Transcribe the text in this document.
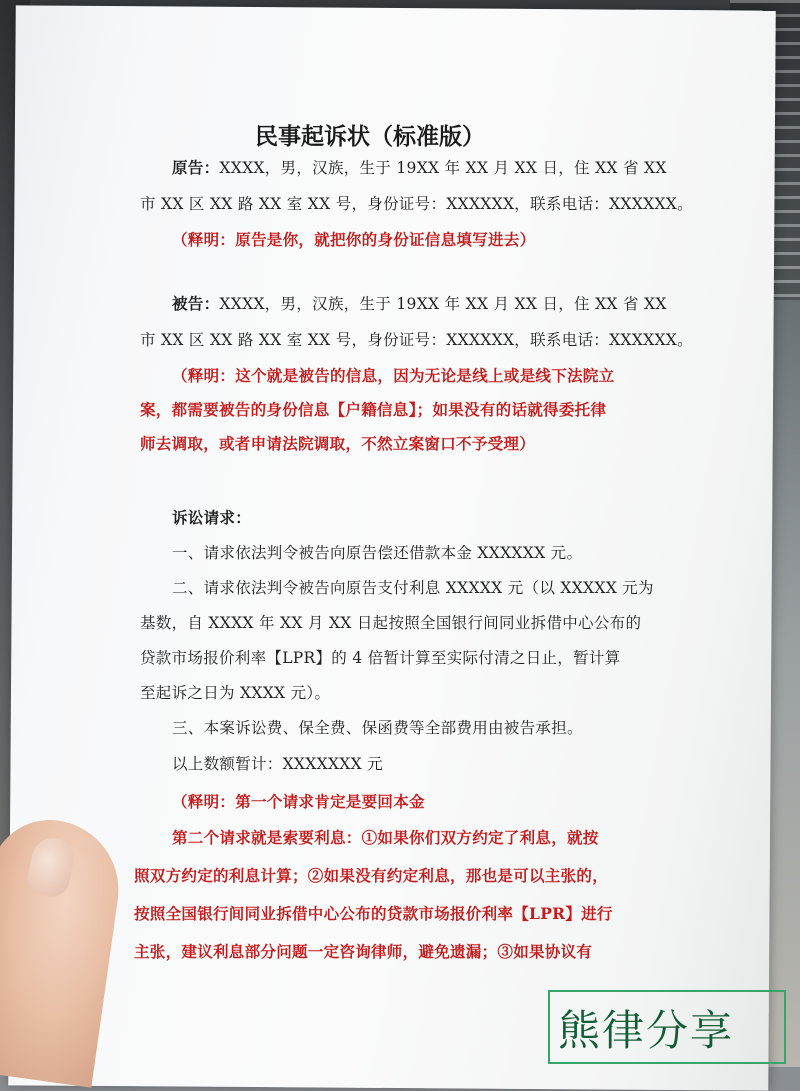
民事起诉状（标准版）
原告：XXXX，男，汉族，生于 19XX 年 XX 月 XX 日，住 XX 省 XX
市 XX 区 XX 路 XX 室 XX 号，身份证号：XXXXXX，联系电话：XXXXXX。
（释明：原告是你，就把你的身份证信息填写进去）
被告：XXXX，男，汉族，生于 19XX 年 XX 月 XX 日，住 XX 省 XX
市 XX 区 XX 路 XX 室 XX 号，身份证号：XXXXXX，联系电话：XXXXXX。
（释明：这个就是被告的信息，因为无论是线上或是线下法院立
案，都需要被告的身份信息【户籍信息】；如果没有的话就得委托律
师去调取，或者申请法院调取，不然立案窗口不予受理）
诉讼请求：
一、请求依法判令被告向原告偿还借款本金 XXXXXX 元。
二、请求依法判令被告向原告支付利息 XXXXX 元（以 XXXXX 元为
基数，自 XXXX 年 XX 月 XX 日起按照全国银行间同业拆借中心公布的
贷款市场报价利率【LPR】的 4 倍暂计算至实际付清之日止，暂计算
至起诉之日为 XXXX 元）。
三、本案诉讼费、保全费、保函费等全部费用由被告承担。
以上数额暂计：XXXXXXX 元
（释明：第一个请求肯定是要回本金
第二个请求就是索要利息：①如果你们双方约定了利息，就按
照双方约定的利息计算；②如果没有约定利息，那也是可以主张的，
按照全国银行间同业拆借中心公布的贷款市场报价利率【LPR】进行
主张，建议利息部分问题一定咨询律师，避免遗漏；③如果协议有
熊律分享
